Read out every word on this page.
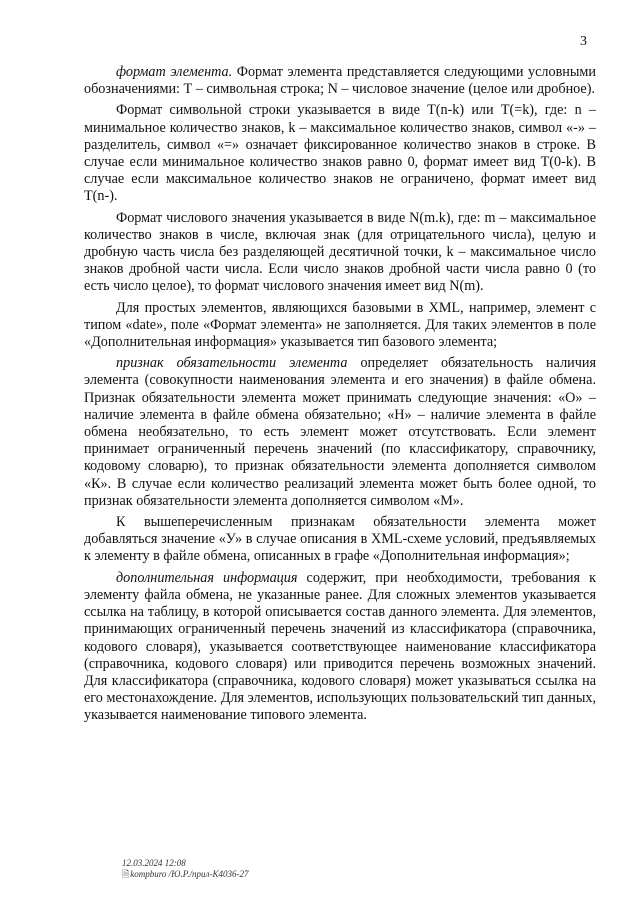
3

формат элемента. Формат элемента представляется следующими условными обозначениями: Т – символьная строка; N – числовое значение (целое или дробное).

Формат символьной строки указывается в виде T(n-k) или T(=k), где: n – минимальное количество знаков, k – максимальное количество знаков, символ «-» – разделитель, символ «=» означает фиксированное количество знаков в строке. В случае если минимальное количество знаков равно 0, формат имеет вид T(0-k). В случае если максимальное количество знаков не ограничено, формат имеет вид T(n-).

Формат числового значения указывается в виде N(m.k), где: m – максимальное количество знаков в числе, включая знак (для отрицательного числа), целую и дробную часть числа без разделяющей десятичной точки, k – максимальное число знаков дробной части числа. Если число знаков дробной части числа равно 0 (то есть число целое), то формат числового значения имеет вид N(m).

Для простых элементов, являющихся базовыми в XML, например, элемент с типом «date», поле «Формат элемента» не заполняется. Для таких элементов в поле «Дополнительная информация» указывается тип базового элемента;

признак обязательности элемента определяет обязательность наличия элемента (совокупности наименования элемента и его значения) в файле обмена. Признак обязательности элемента может принимать следующие значения: «О» – наличие элемента в файле обмена обязательно; «Н» – наличие элемента в файле обмена необязательно, то есть элемент может отсутствовать. Если элемент принимает ограниченный перечень значений (по классификатору, справочнику, кодовому словарю), то признак обязательности элемента дополняется символом «К». В случае если количество реализаций элемента может быть более одной, то признак обязательности элемента дополняется символом «М».

К вышеперечисленным признакам обязательности элемента может добавляться значение «У» в случае описания в XML-схеме условий, предъявляемых к элементу в файле обмена, описанных в графе «Дополнительная информация»;

дополнительная информация содержит, при необходимости, требования к элементу файла обмена, не указанные ранее. Для сложных элементов указывается ссылка на таблицу, в которой описывается состав данного элемента. Для элементов, принимающих ограниченный перечень значений из классификатора (справочника, кодового словаря), указывается соответствующее наименование классификатора (справочника, кодового словаря) или приводится перечень возможных значений. Для классификатора (справочника, кодового словаря) может указываться ссылка на его местонахождение. Для элементов, использующих пользовательский тип данных, указывается наименование типового элемента.

12.03.2024 12:08
🗎kompburo /Ю.Р./прил-К4036-27
